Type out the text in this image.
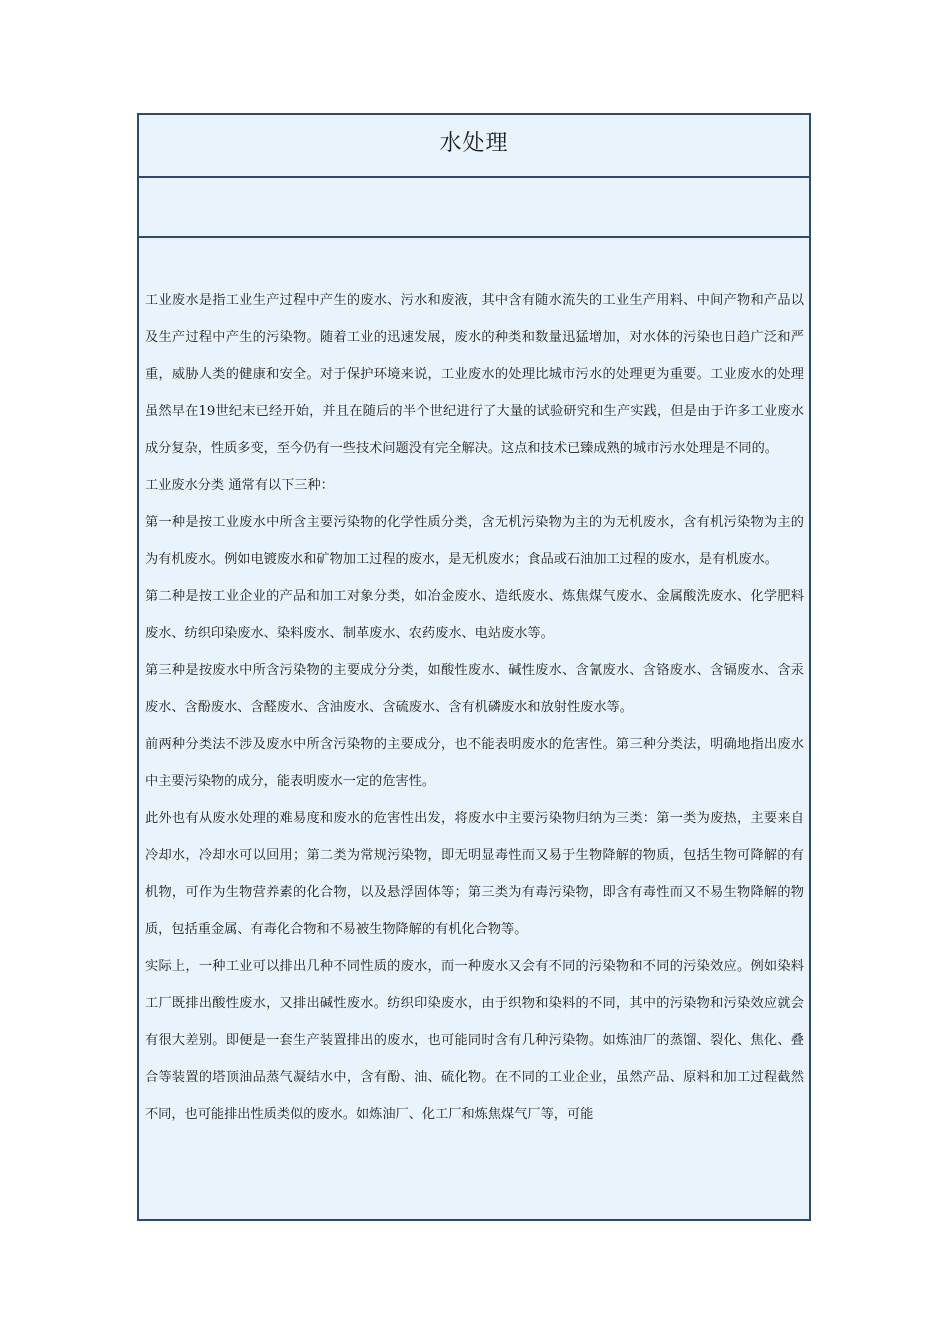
水处理

工业废水是指工业生产过程中产生的废水、污水和废液，其中含有随水流失的工业生产用料、中间产物和产品以及生产过程中产生的污染物。随着工业的迅速发展，废水的种类和数量迅猛增加，对水体的污染也日趋广泛和严重，威胁人类的健康和安全。对于保护环境来说，工业废水的处理比城市污水的处理更为重要。工业废水的处理虽然早在19世纪末已经开始，并且在随后的半个世纪进行了大量的试验研究和生产实践，但是由于许多工业废水成分复杂，性质多变，至今仍有一些技术问题没有完全解决。这点和技术已臻成熟的城市污水处理是不同的。

工业废水分类 通常有以下三种：

第一种是按工业废水中所含主要污染物的化学性质分类，含无机污染物为主的为无机废水，含有机污染物为主的为有机废水。例如电镀废水和矿物加工过程的废水，是无机废水；食品或石油加工过程的废水，是有机废水。

第二种是按工业企业的产品和加工对象分类，如冶金废水、造纸废水、炼焦煤气废水、金属酸洗废水、化学肥料废水、纺织印染废水、染料废水、制革废水、农药废水、电站废水等。

第三种是按废水中所含污染物的主要成分分类，如酸性废水、碱性废水、含氰废水、含铬废水、含镉废水、含汞废水、含酚废水、含醛废水、含油废水、含硫废水、含有机磷废水和放射性废水等。

前两种分类法不涉及废水中所含污染物的主要成分，也不能表明废水的危害性。第三种分类法，明确地指出废水中主要污染物的成分，能表明废水一定的危害性。

此外也有从废水处理的难易度和废水的危害性出发，将废水中主要污染物归纳为三类：第一类为废热，主要来自冷却水，冷却水可以回用；第二类为常规污染物，即无明显毒性而又易于生物降解的物质，包括生物可降解的有机物，可作为生物营养素的化合物，以及悬浮固体等；第三类为有毒污染物，即含有毒性而又不易生物降解的物质，包括重金属、有毒化合物和不易被生物降解的有机化合物等。

实际上，一种工业可以排出几种不同性质的废水，而一种废水又会有不同的污染物和不同的污染效应。例如染料工厂既排出酸性废水，又排出碱性废水。纺织印染废水，由于织物和染料的不同，其中的污染物和污染效应就会有很大差别。即便是一套生产装置排出的废水，也可能同时含有几种污染物。如炼油厂的蒸馏、裂化、焦化、叠合等装置的塔顶油品蒸气凝结水中，含有酚、油、硫化物。在不同的工业企业，虽然产品、原料和加工过程截然不同，也可能排出性质类似的废水。如炼油厂、化工厂和炼焦煤气厂等，可能
